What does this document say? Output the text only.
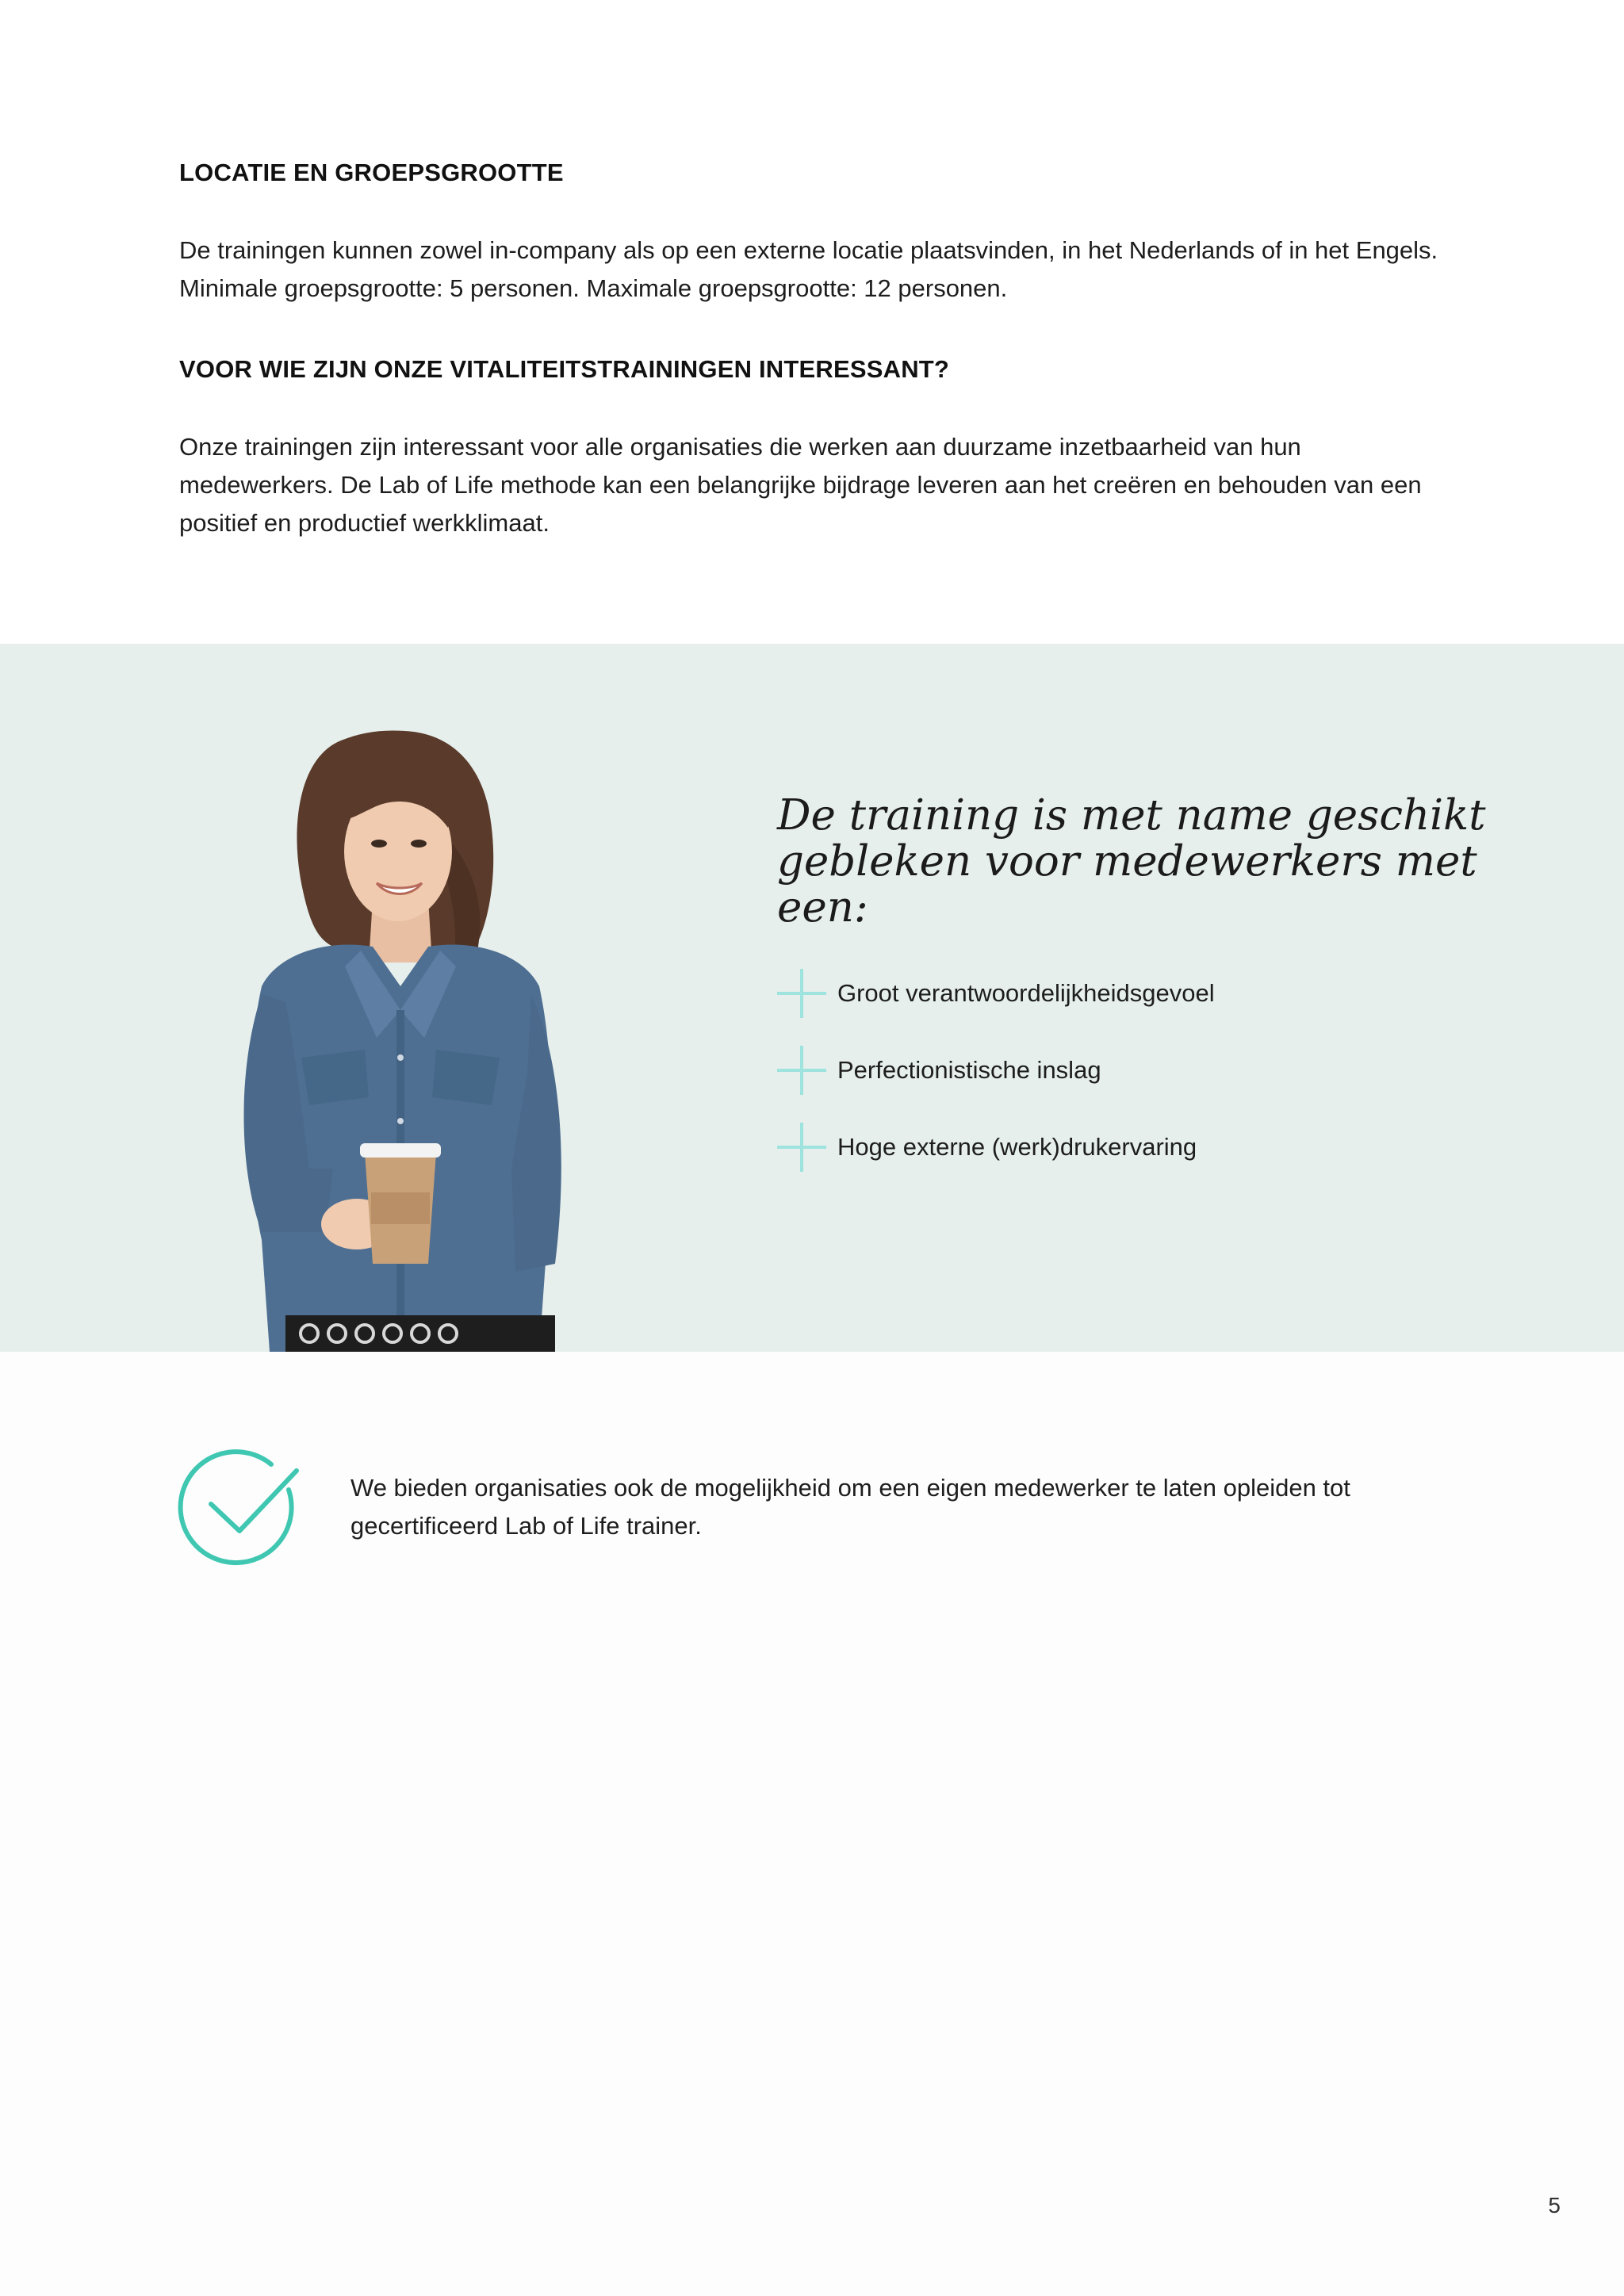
LOCATIE EN GROEPSGROOTTE

De trainingen kunnen zowel in-company als op een externe locatie plaatsvinden, in het Nederlands of in het Engels. Minimale groepsgrootte: 5 personen. Maximale groepsgrootte: 12 personen.

VOOR WIE ZIJN ONZE VITALITEITSTRAININGEN INTERESSANT?

Onze trainingen zijn interessant voor alle organisaties die werken aan duurzame inzetbaarheid van hun medewerkers. De Lab of Life methode kan een belangrijke bijdrage leveren aan het creëren en behouden van een positief en productief werkklimaat.

De training is met name geschikt gebleken voor medewerkers met een:

Groot verantwoordelijkheidsgevoel
Perfectionistische inslag
Hoge externe (werk)drukervaring

We bieden organisaties ook de mogelijkheid om een eigen medewerker te laten opleiden tot gecertificeerd Lab of Life trainer.

5
